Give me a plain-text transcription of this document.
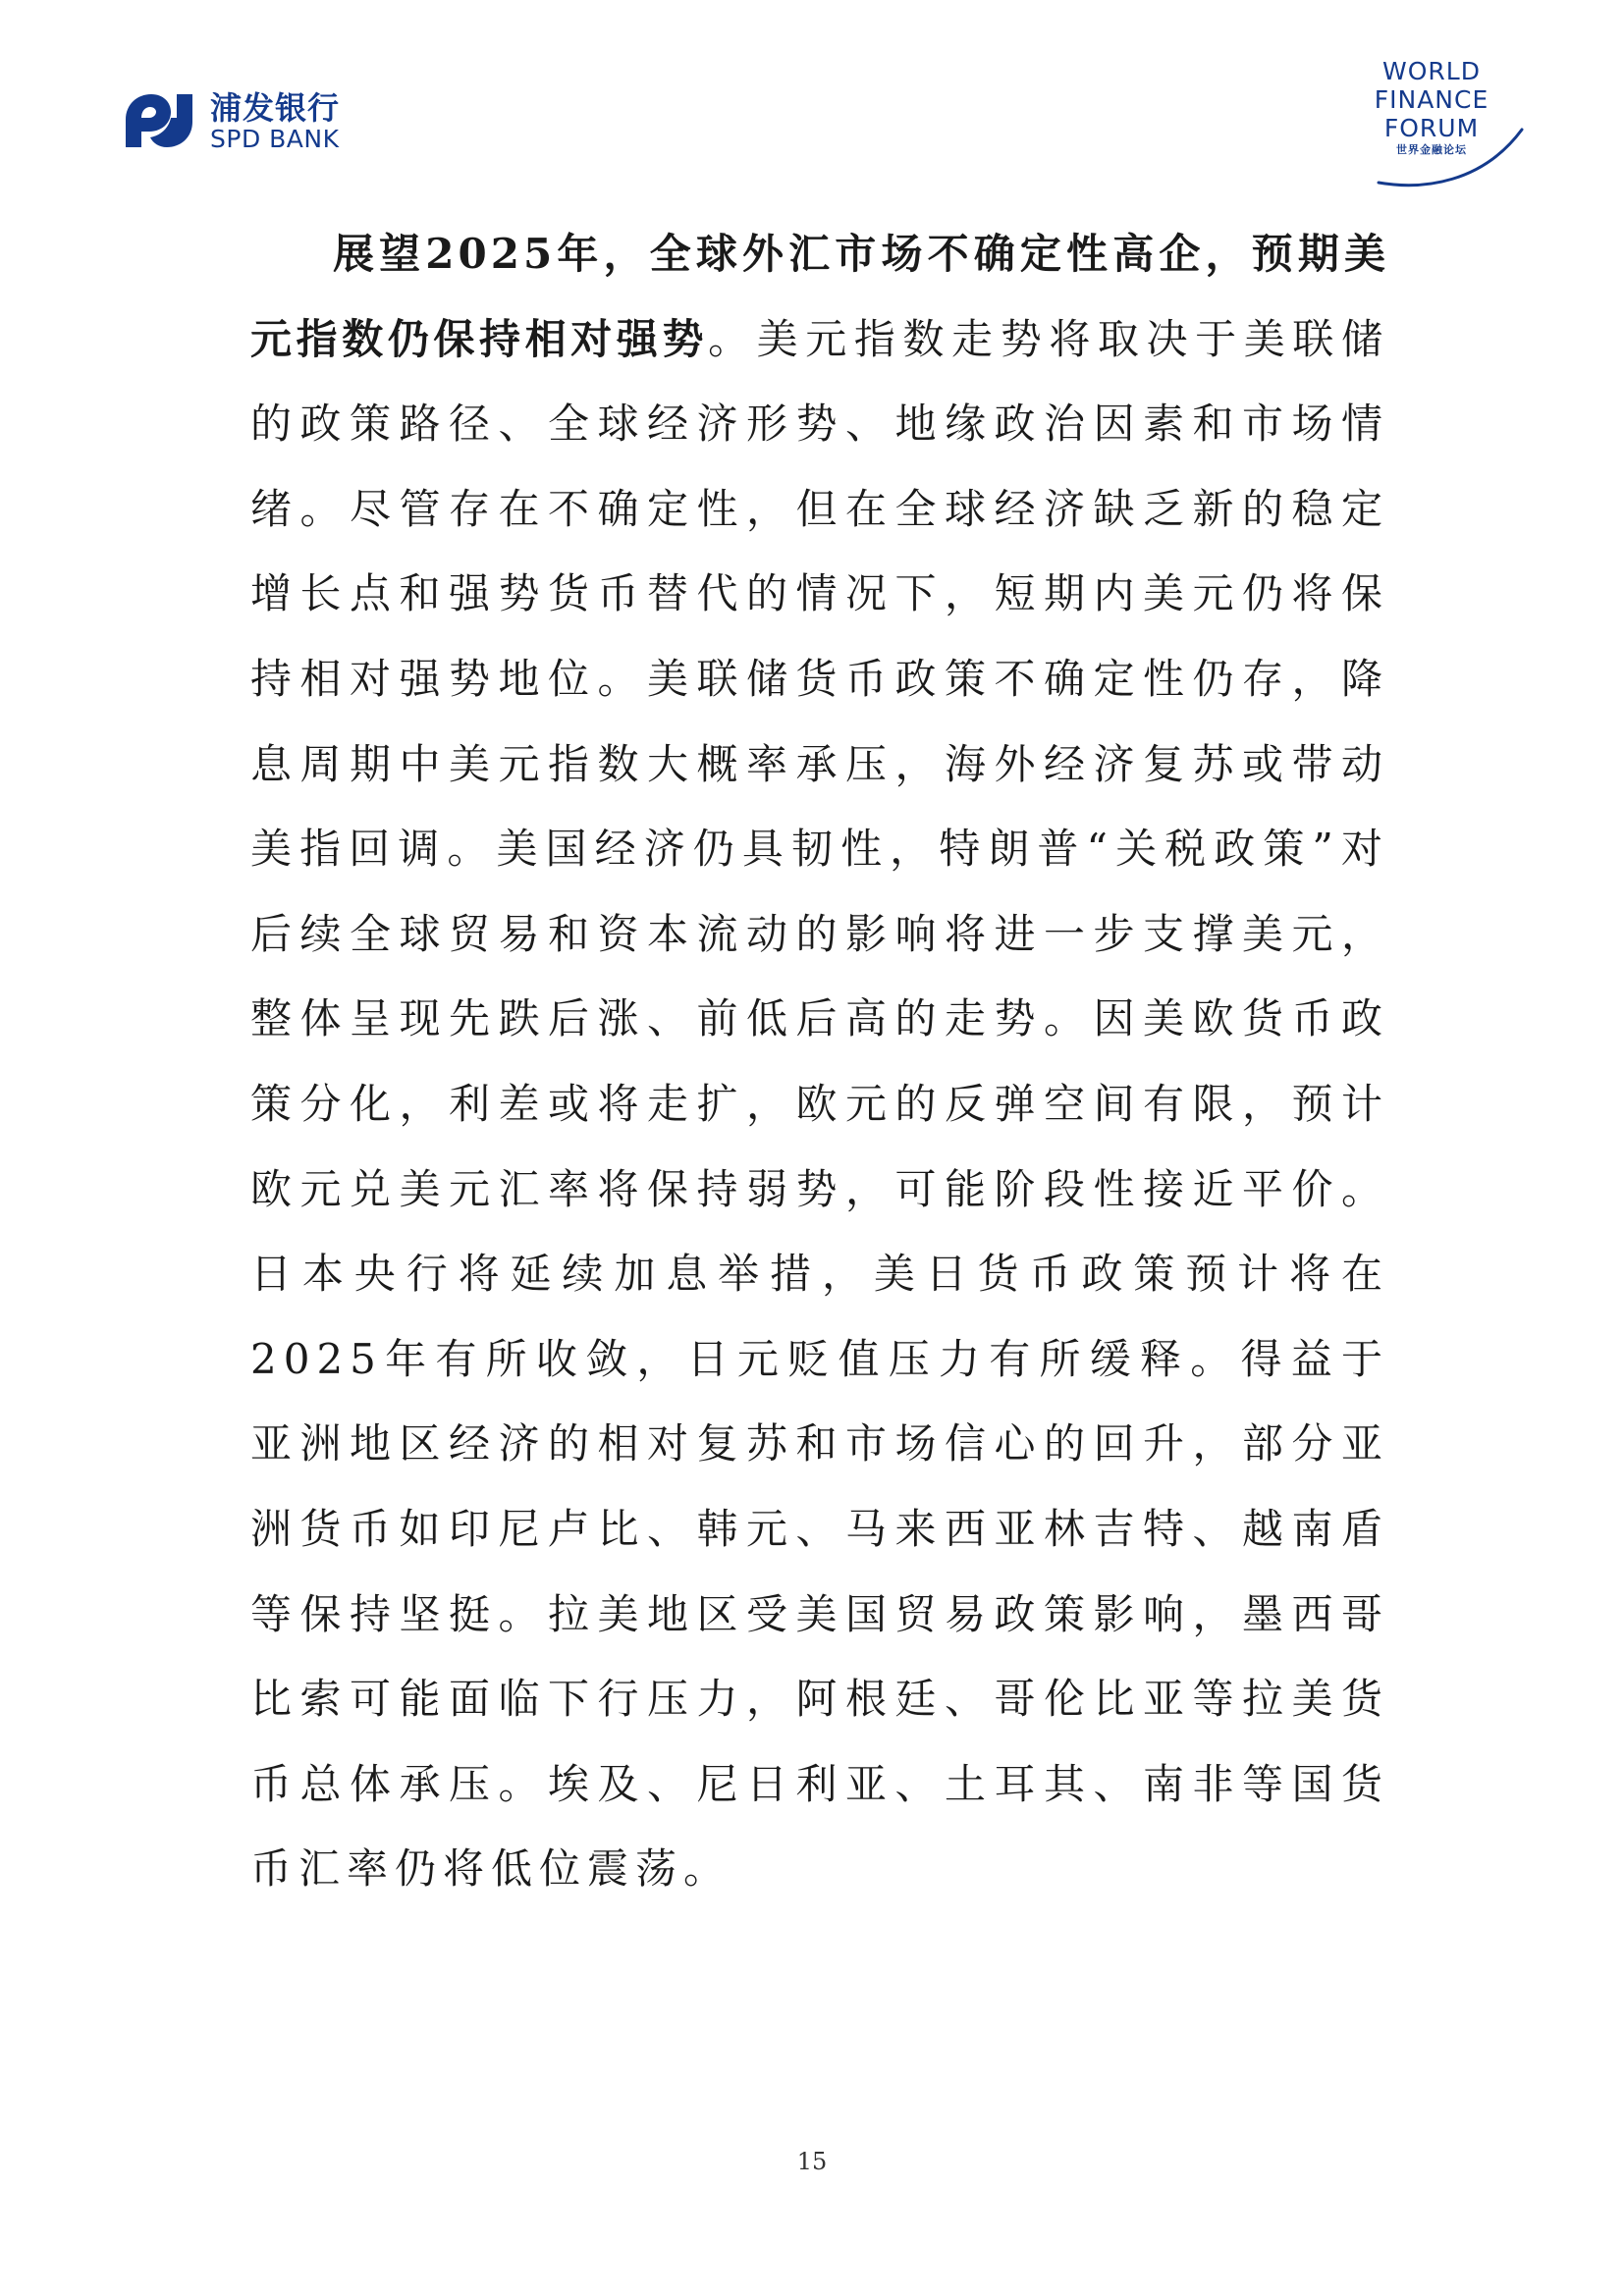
浦发银行
SPD BANK
WORLD
FINANCE
FORUM
世界金融论坛
展望2025年，全球外汇市场不确定性高企，预期美元指数仍保持相对强势。美元指数走势将取决于美联储的政策路径、全球经济形势、地缘政治因素和市场情绪。尽管存在不确定性，但在全球经济缺乏新的稳定增长点和强势货币替代的情况下，短期内美元仍将保持相对强势地位。美联储货币政策不确定性仍存，降息周期中美元指数大概率承压，海外经济复苏或带动美指回调。美国经济仍具韧性，特朗普“关税政策”对后续全球贸易和资本流动的影响将进一步支撑美元，整体呈现先跌后涨、前低后高的走势。因美欧货币政策分化，利差或将走扩，欧元的反弹空间有限，预计欧元兑美元汇率将保持弱势，可能阶段性接近平价。日本央行将延续加息举措，美日货币政策预计将在2025年有所收敛，日元贬值压力有所缓释。得益于亚洲地区经济的相对复苏和市场信心的回升，部分亚洲货币如印尼卢比、韩元、马来西亚林吉特、越南盾等保持坚挺。拉美地区受美国贸易政策影响，墨西哥比索可能面临下行压力，阿根廷、哥伦比亚等拉美货币总体承压。埃及、尼日利亚、土耳其、南非等国货币汇率仍将低位震荡。
15
